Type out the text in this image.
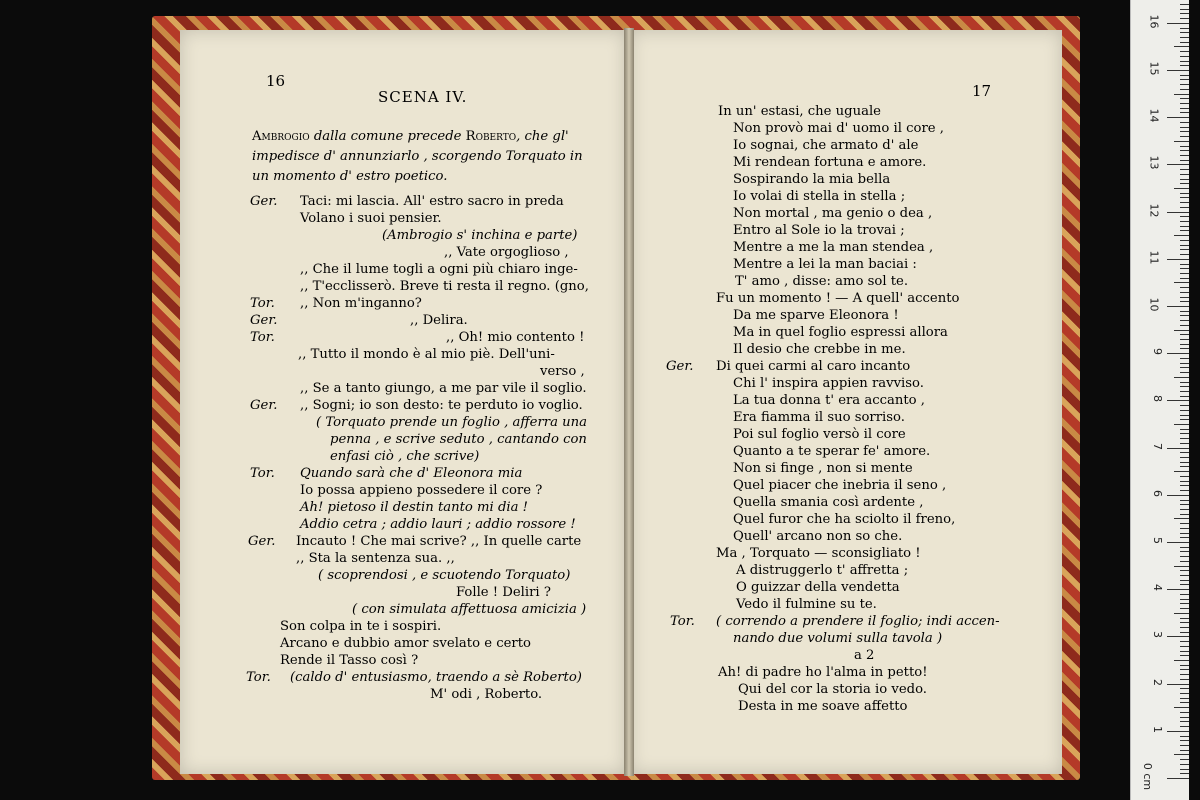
16
SCENA IV.
Ambrogio dalla comune precede Roberto, che gl' impedisce d' annunziarlo , scorgendo Torquato in un momento d' estro poetico.
Ger.
Tor.
Ger.
Tor.
Ger.
Tor.
Ger.
Tor.
Taci: mi lascia. All' estro sacro in preda
Volano i suoi pensier.
(Ambrogio s' inchina e parte)
,, Vate orgoglioso ,
,, Che il lume togli a ogni più chiaro inge-
,, T'ecclisserò. Breve ti resta il regno. (gno,
,, Non m'inganno?
,, Delira.
,, Oh! mio contento !
,, Tutto il mondo è al mio piè. Dell'uni-
verso ,
,, Se a tanto giungo, a me par vile il soglio.
,, Sogni; io son desto: te perduto io voglio.
( Torquato prende un foglio , afferra una
penna , e scrive seduto , cantando con
enfasi ciò , che scrive)
Quando sarà che d' Eleonora mia
Io possa appieno possedere il core ?
Ah! pietoso il destin tanto mi dia !
Addio cetra ; addio lauri ; addio rossore !
Incauto ! Che mai scrive? ,, In quelle carte
,, Sta la sentenza sua. ,,
( scoprendosi , e scuotendo Torquato)
Folle ! Deliri ?
( con simulata affettuosa amicizia )
Son colpa in te i sospiri.
Arcano e dubbio amor svelato e certo
Rende il Tasso così ?
(caldo d' entusiasmo, traendo a sè Roberto)
M' odi , Roberto.
17
Ger.
Tor.
In un' estasi, che uguale
Non provò mai d' uomo il core ,
Io sognai, che armato d' ale
Mi rendean fortuna e amore.
Sospirando la mia bella
Io volai di stella in stella ;
Non mortal , ma genio o dea ,
Entro al Sole io la trovai ;
Mentre a me la man stendea ,
Mentre a lei la man baciai :
T' amo , disse: amo sol te.
Fu un momento ! — A quell' accento
Da me sparve Eleonora !
Ma in quel foglio espressi allora
Il desio che crebbe in me.
Di quei carmi al caro incanto
Chi l' inspira appien ravviso.
La tua donna t' era accanto ,
Era fiamma il suo sorriso.
Poi sul foglio versò il core
Quanto a te sperar fe' amore.
Non si finge , non si mente
Quel piacer che inebria il seno ,
Quella smania così ardente ,
Quel furor che ha sciolto il freno,
Quell' arcano non so che.
Ma , Torquato — sconsigliato !
A distruggerlo t' affretta ;
O guizzar della vendetta
Vedo il fulmine su te.
( correndo a prendere il foglio; indi accen-
nando due volumi sulla tavola )
a 2
Ah! di padre ho l'alma in petto!
Qui del cor la storia io vedo.
Desta in me soave affetto
0 cm
1
2
3
4
5
6
7
8
9
10
11
12
13
14
15
16
